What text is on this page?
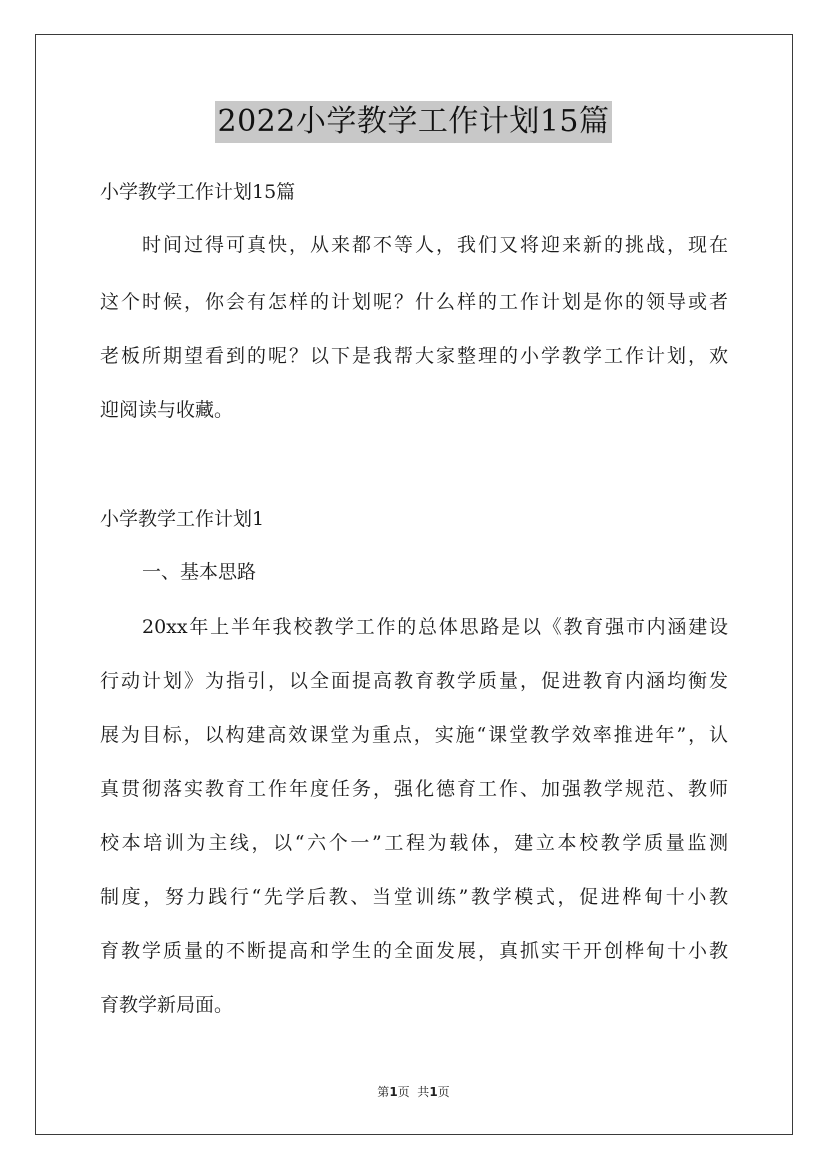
2022小学教学工作计划15篇
小学教学工作计划15篇
时间过得可真快，从来都不等人，我们又将迎来新的挑战，现在
这个时候，你会有怎样的计划呢？什么样的工作计划是你的领导或者
老板所期望看到的呢？以下是我帮大家整理的小学教学工作计划，欢
迎阅读与收藏。
小学教学工作计划1
一、基本思路
20xx年上半年我校教学工作的总体思路是以《教育强市内涵建设
行动计划》为指引，以全面提高教育教学质量，促进教育内涵均衡发
展为目标，以构建高效课堂为重点，实施“课堂教学效率推进年”，认
真贯彻落实教育工作年度任务，强化德育工作、加强教学规范、教师
校本培训为主线，以“六个一”工程为载体，建立本校教学质量监测
制度，努力践行“先学后教、当堂训练”教学模式，促进桦甸十小教
育教学质量的不断提高和学生的全面发展，真抓实干开创桦甸十小教
育教学新局面。
第1页  共1页
